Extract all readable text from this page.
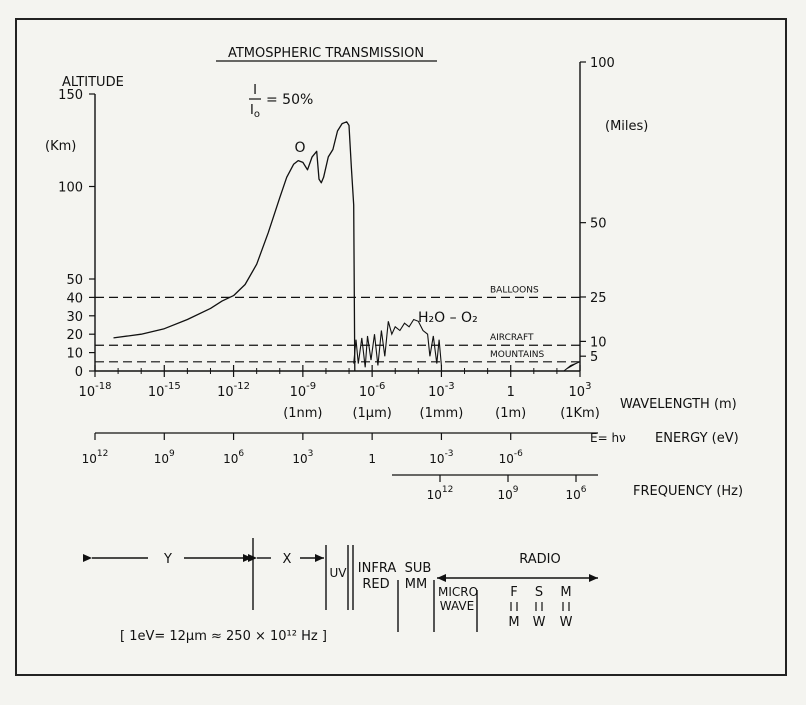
ATMOSPHERIC TRANSMISSION
I
$I_o$
= 50%
ALTITUDE
(Km)
0
10
20
30
40
50
100
150
(Miles)
5
10
25
50
100
$10^{-18}$	$10^{-15}$	$10^{-12}$	$10^{-9}$
(1nm)
$10^{-6}$
(1μm)
$10^{-3}$
(1mm)
1
(1m)
$10^3$
(1Km)
WAVELENGTH (m)
BALLOONS
AIRCRAFT
MOUNTAINS
O
H₂O – O₂
$10^{12}$	$10^9$	$10^6$	$10^3$	1	$10^{-3}$	$10^{-6}$
E= hν ENERGY (eV)
$10^{12}$	$10^9$	$10^6$	FREQUENCY (Hz)
Y	X
UV INFRA
RED
SUB
MM MICRO
WAVE
RADIO
F
M
S
W
M
W
[ 1eV= 12μm ≈ 250 × 10¹² Hz ]
